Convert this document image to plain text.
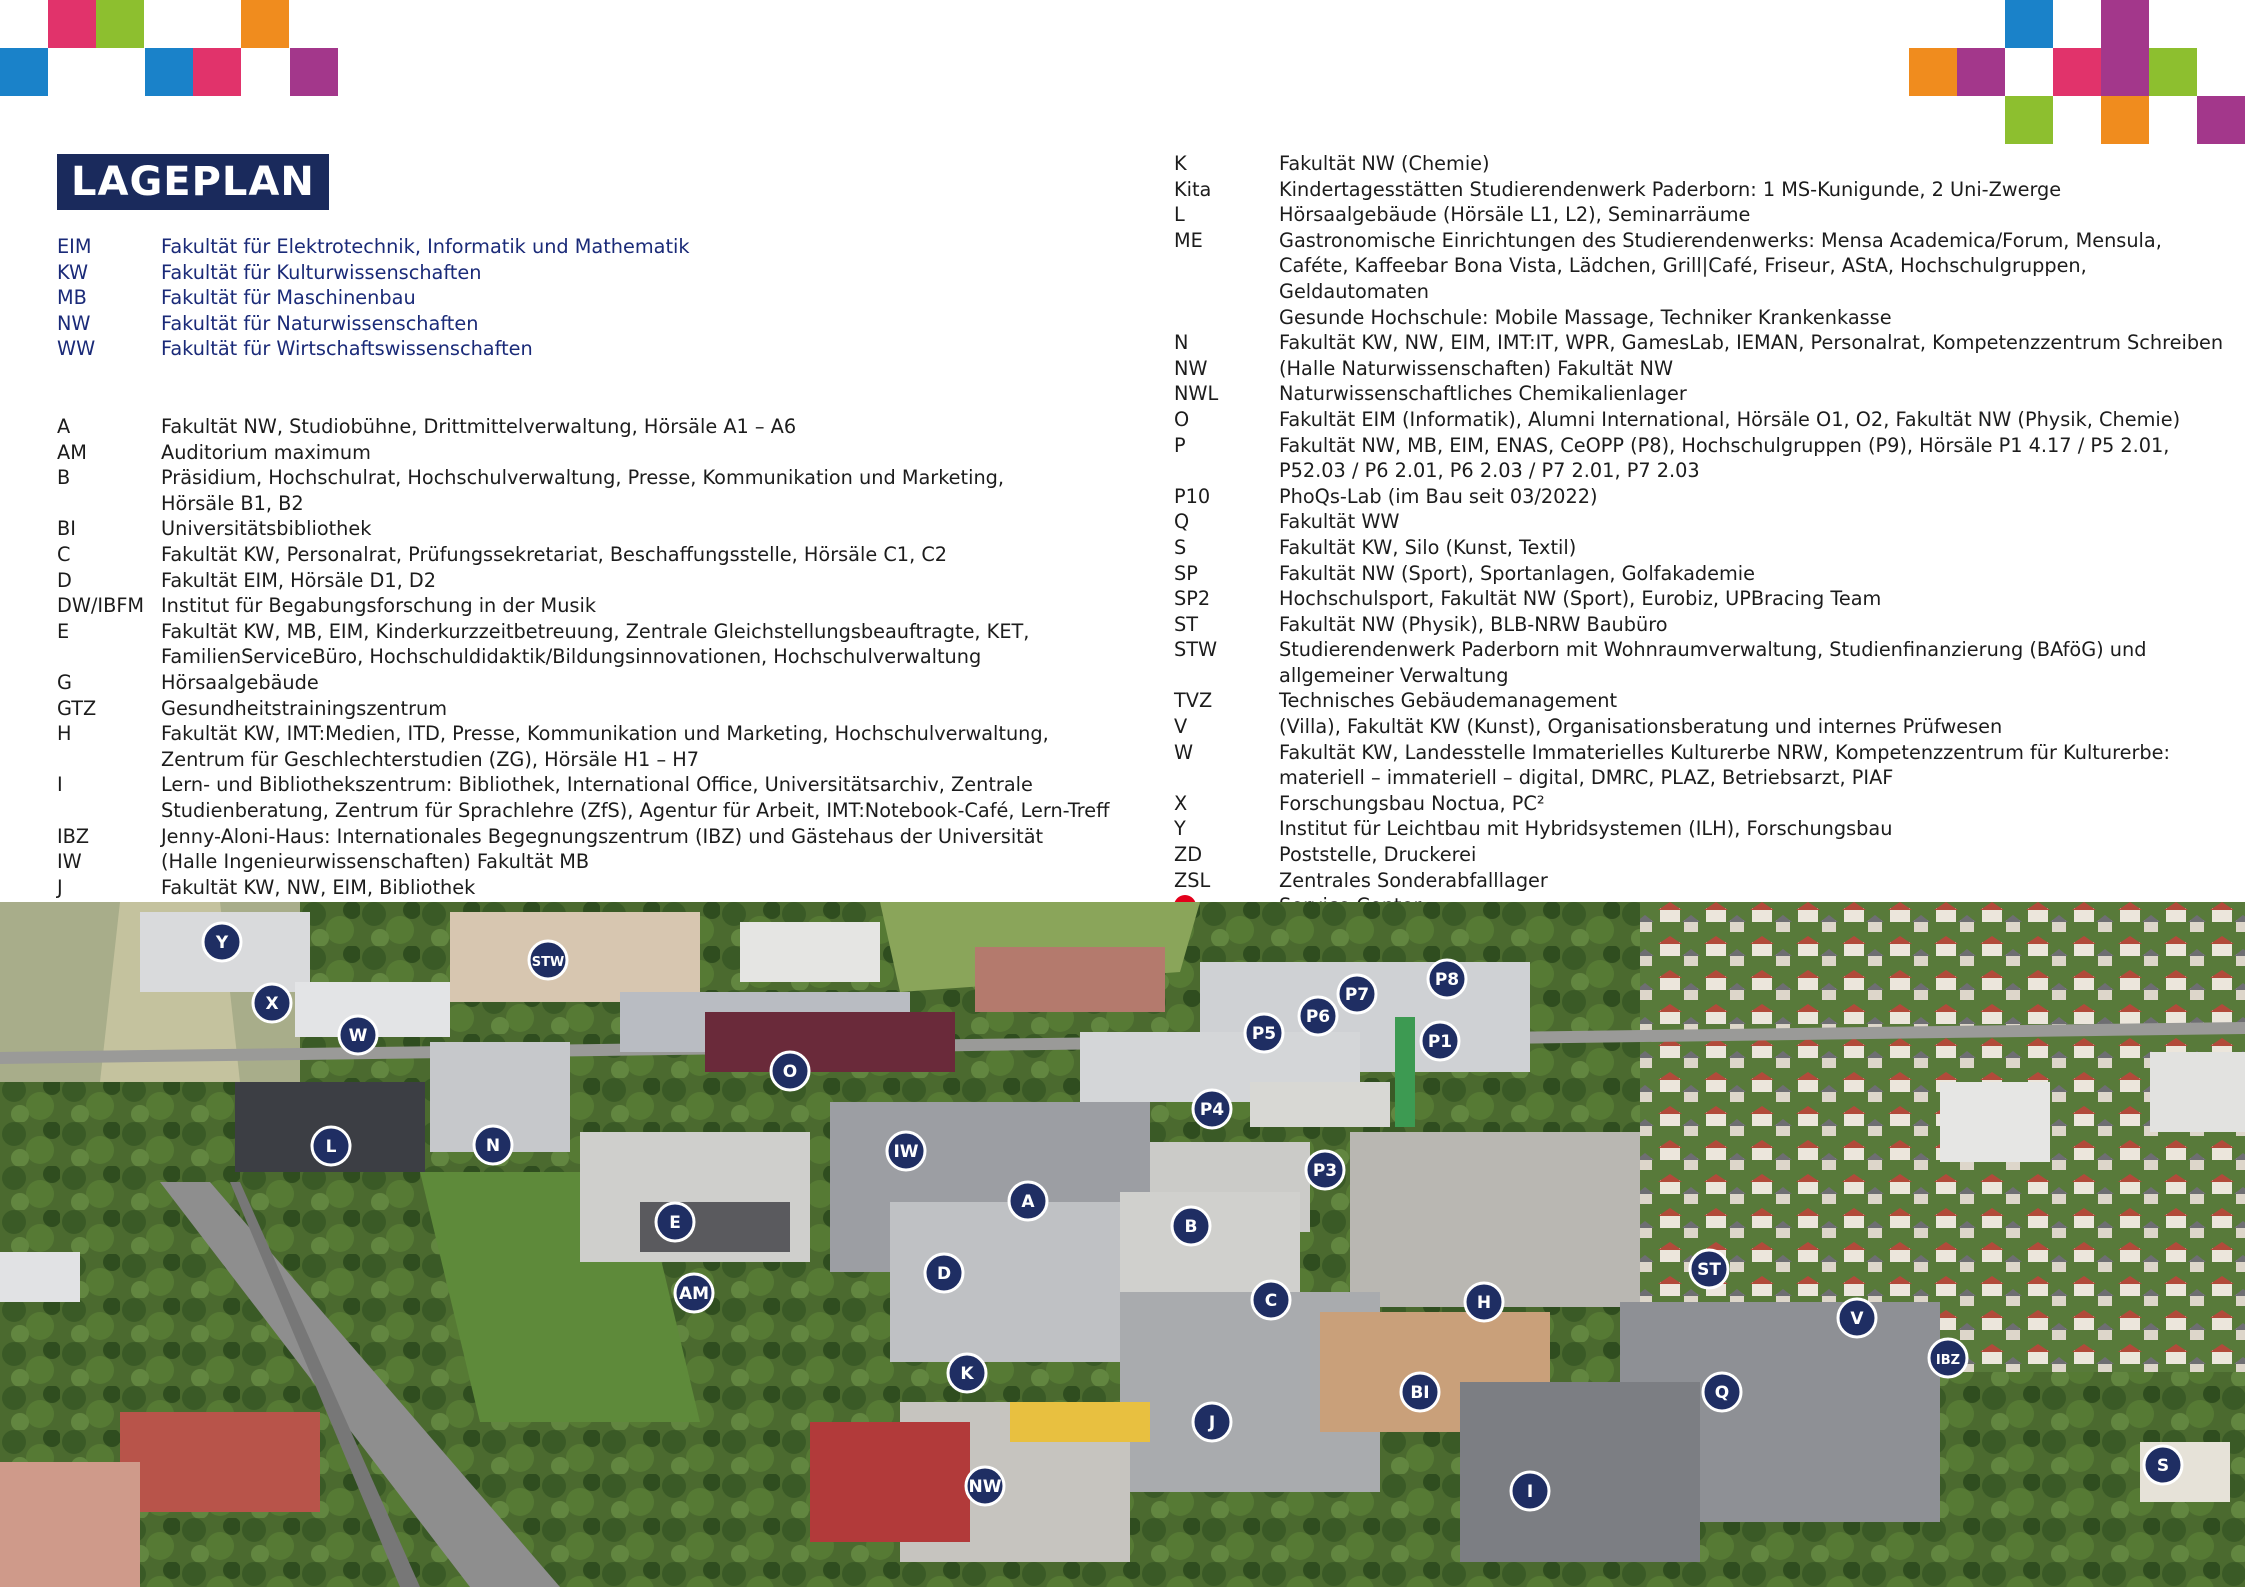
LAGEPLAN
EIM	Fakultät für Elektrotechnik, Informatik und Mathematik
KW	Fakultät für Kulturwissenschaften
MB	Fakultät für Maschinenbau
NW	Fakultät für Naturwissenschaften
WW	Fakultät für Wirtschaftswissenschaften
A	Fakultät NW, Studiobühne, Drittmittelverwaltung, Hörsäle A1 – A6
AM	Auditorium maximum
B	Präsidium, Hochschulrat, Hochschulverwaltung, Presse, Kommunikation und Marketing,
Hörsäle B1, B2
BI	Universitätsbibliothek
C	Fakultät KW, Personalrat, Prüfungssekretariat, Beschaffungsstelle, Hörsäle C1, C2
D	Fakultät EIM, Hörsäle D1, D2
DW/IBFM Institut für Begabungsforschung in der Musik
E	Fakultät KW, MB, EIM, Kinderkurzzeitbetreuung, Zentrale Gleichstellungsbeauftragte, KET,
FamilienServiceBüro, Hochschuldidaktik/Bildungsinnovationen, Hochschulverwaltung
G	Hörsaalgebäude
GTZ	Gesundheitstrainingszentrum
H	Fakultät KW, IMT:Medien, ITD, Presse, Kommunikation und Marketing, Hochschulverwaltung,
Zentrum für Geschlechterstudien (ZG), Hörsäle H1 – H7
I	Lern- und Bibliothekszentrum: Bibliothek, International Office, Universitätsarchiv, Zentrale
Studienberatung, Zentrum für Sprachlehre (ZfS), Agentur für Arbeit, IMT:Notebook-Café, Lern-Treff
IBZ	Jenny-Aloni-Haus: Internationales Begegnungszentrum (IBZ) und Gästehaus der Universität
IW	(Halle Ingenieurwissenschaften) Fakultät MB
J	Fakultät KW, NW, EIM, Bibliothek
K	Fakultät NW (Chemie)
Kita	Kindertagesstätten Studierendenwerk Paderborn: 1 MS-Kunigunde, 2 Uni-Zwerge
L	Hörsaalgebäude (Hörsäle L1, L2), Seminarräume
ME	Gastronomische Einrichtungen des Studierendenwerks: Mensa Academica/Forum, Mensula,
Caféte, Kaffeebar Bona Vista, Lädchen, Grill|Café, Friseur, AStA, Hochschulgruppen, Geldautomaten
Gesunde Hochschule: Mobile Massage, Techniker Krankenkasse
N	Fakultät KW, NW, EIM, IMT:IT, WPR, GamesLab, IEMAN, Personalrat, Kompetenzzentrum Schreiben
NW	(Halle Naturwissenschaften) Fakultät NW
NWL	Naturwissenschaftliches Chemikalienlager
O	Fakultät EIM (Informatik), Alumni International, Hörsäle O1, O2, Fakultät NW (Physik, Chemie)
P	Fakultät NW, MB, EIM, ENAS, CeOPP (P8), Hochschulgruppen (P9), Hörsäle P1 4.17 / P5 2.01,
P52.03 / P6 2.01, P6 2.03 / P7 2.01, P7 2.03
P10	PhoQs-Lab (im Bau seit 03/2022)
Q	Fakultät WW
S	Fakultät KW, Silo (Kunst, Textil)
SP	Fakultät NW (Sport), Sportanlagen, Golfakademie
SP2	Hochschulsport, Fakultät NW (Sport), Eurobiz, UPBracing Team
ST	Fakultät NW (Physik), BLB-NRW Baubüro
STW	Studierendenwerk Paderborn mit Wohnraumverwaltung, Studienfinanzierung (BAföG) und
allgemeiner Verwaltung
TVZ	Technisches Gebäudemanagement
V	(Villa), Fakultät KW (Kunst), Organisationsberatung und internes Prüfwesen
W	Fakultät KW, Landesstelle Immaterielles Kulturerbe NRW, Kompetenzzentrum für Kulturerbe:
materiell – immateriell – digital, DMRC, PLAZ, Betriebsarzt, PIAF
X	Forschungsbau Noctua, PC²
Y	Institut für Leichtbau mit Hybridsystemen (ILH), Forschungsbau
ZD	Poststelle, Druckerei
ZSL	Zentrales Sonderabfalllager
Y
STW
X
W
O
P8
P7
P6
P5	P1
L	N	IW
P4
P3
A
E	B
ST
D
AM	C	H
V
IBZ
K
BI	Q
J
NW
S
I
